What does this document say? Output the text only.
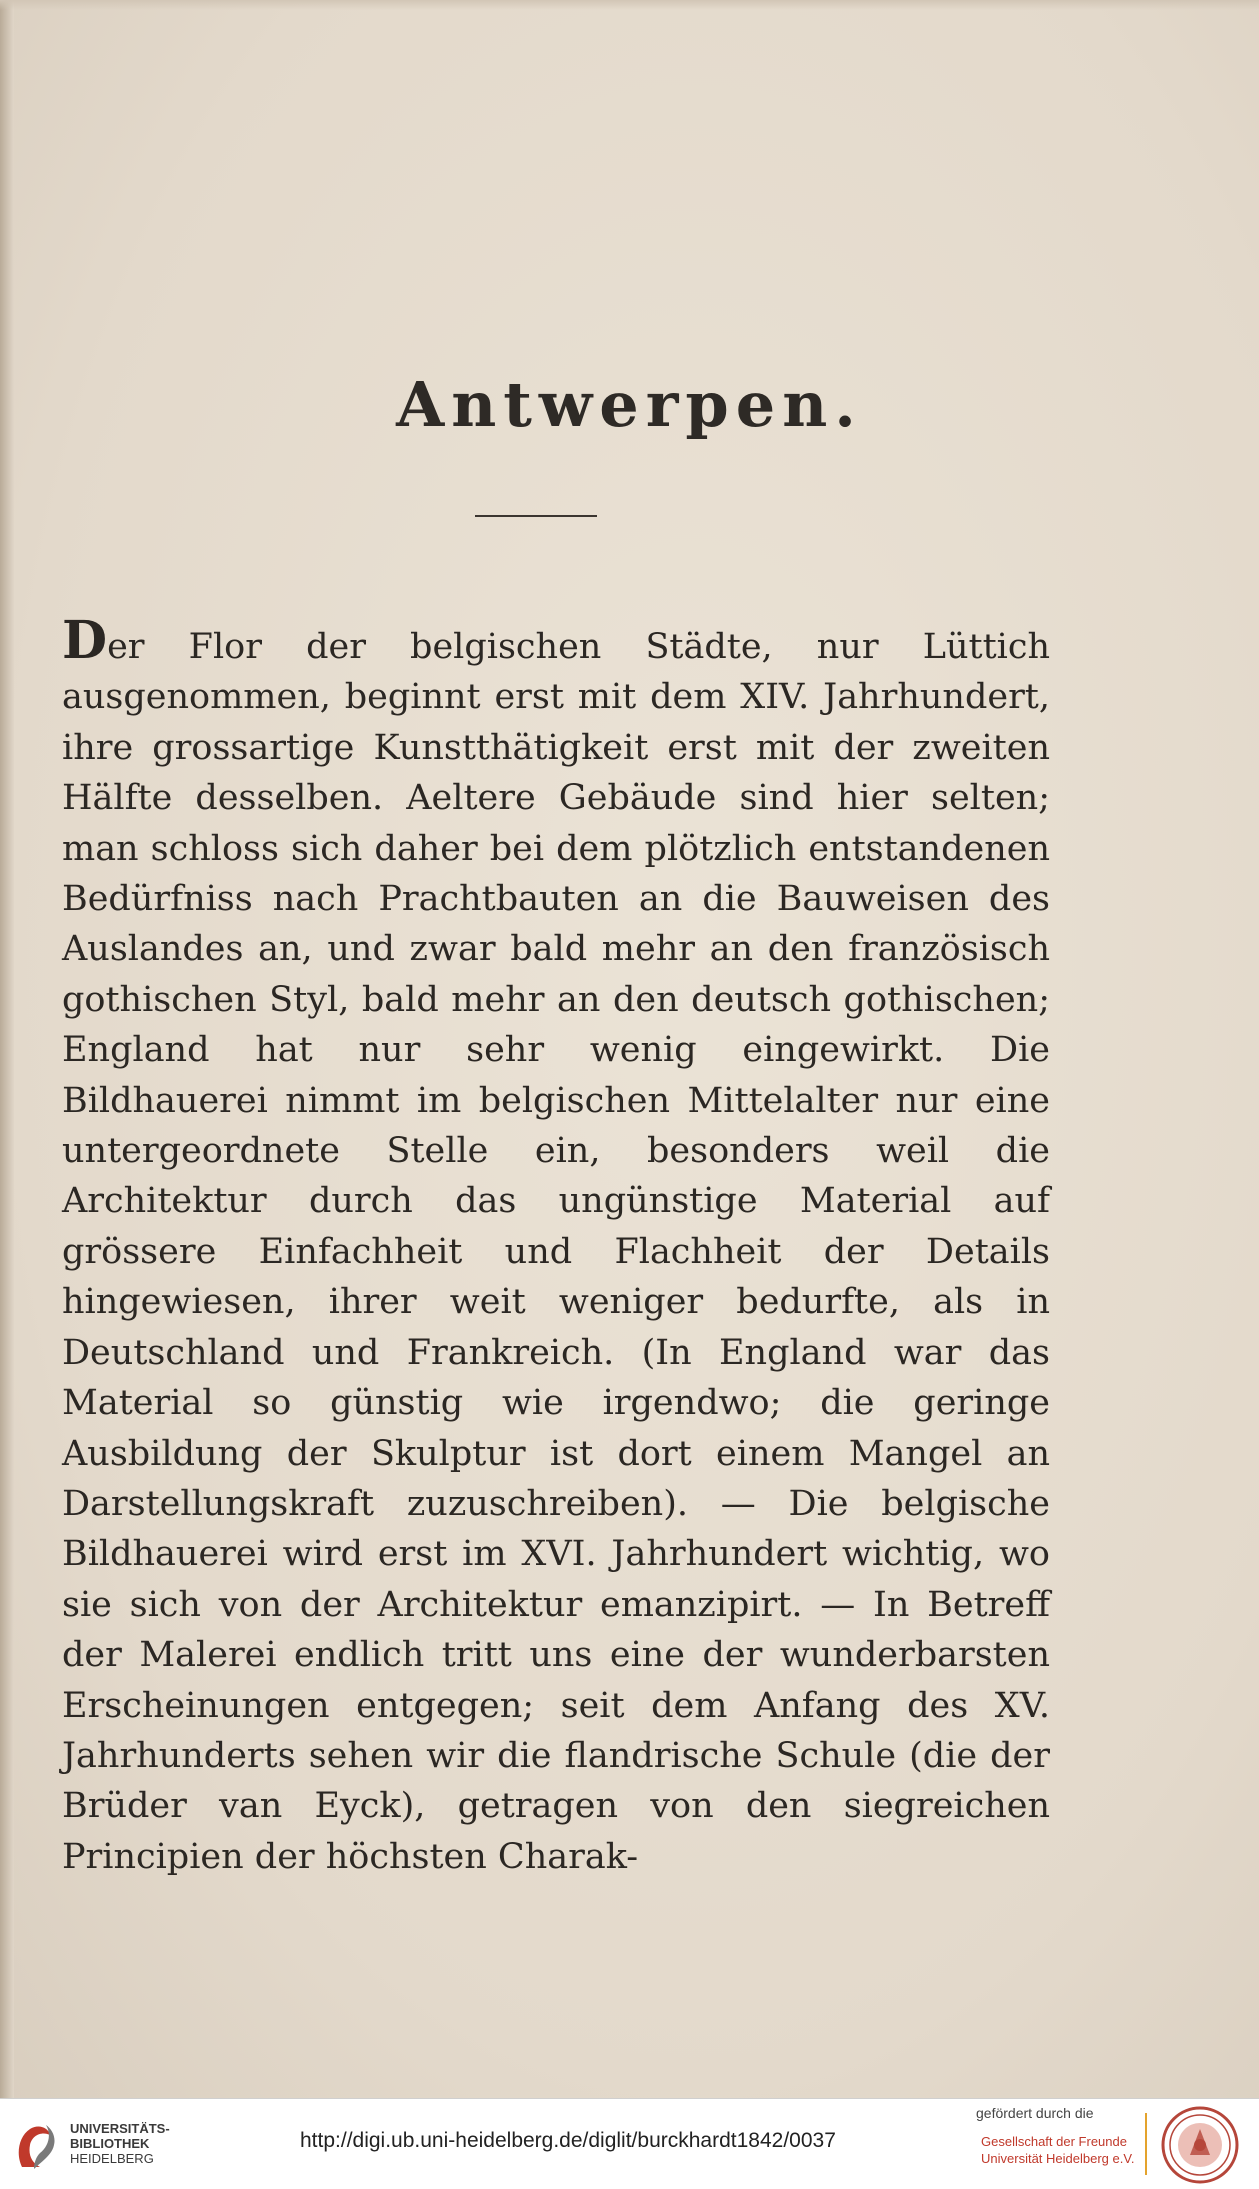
Antwerpen.

Der Flor der belgischen Städte, nur Lüttich ausgenommen, beginnt erst mit dem XIV. Jahrhundert, ihre grossartige Kunstthätigkeit erst mit der zweiten Hälfte desselben. Aeltere Gebäude sind hier selten; man schloss sich daher bei dem plötzlich entstandenen Bedürfniss nach Prachtbauten an die Bauweisen des Auslandes an, und zwar bald mehr an den französisch gothischen Styl, bald mehr an den deutsch gothischen; England hat nur sehr wenig eingewirkt. Die Bildhauerei nimmt im belgischen Mittelalter nur eine untergeordnete Stelle ein, besonders weil die Architektur durch das ungünstige Material auf grössere Einfachheit und Flachheit der Details hingewiesen, ihrer weit weniger bedurfte, als in Deutschland und Frankreich. (In England war das Material so günstig wie irgendwo; die geringe Ausbildung der Skulptur ist dort einem Mangel an Darstellungskraft zuzuschreiben). — Die belgische Bildhauerei wird erst im XVI. Jahrhundert wichtig, wo sie sich von der Architektur emanzipirt. — In Betreff der Malerei endlich tritt uns eine der wunderbarsten Erscheinungen entgegen; seit dem Anfang des XV. Jahrhunderts sehen wir die flandrische Schule (die der Brüder van Eyck), getragen von den siegreichen Principien der höchsten Charak-

UNIVERSITÄTS-
BIBLIOTHEK
HEIDELBERG
http://digi.ub.uni-heidelberg.de/diglit/burckhardt1842/0037
gefördert durch die
Gesellschaft der Freunde
Universität Heidelberg e.V.
